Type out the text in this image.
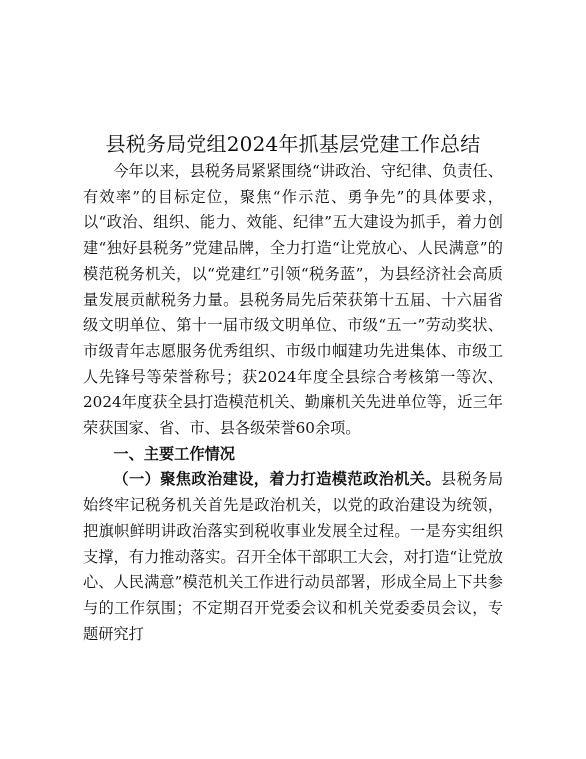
县税务局党组2024年抓基层党建工作总结

今年以来，县税务局紧紧围绕“讲政治、守纪律、负责任、有效率”的目标定位，聚焦“作示范、勇争先”的具体要求，以“政治、组织、能力、效能、纪律”五大建设为抓手，着力创建“独好县税务”党建品牌，全力打造“让党放心、人民满意”的模范税务机关，以“党建红”引领“税务蓝”，为县经济社会高质量发展贡献税务力量。县税务局先后荣获第十五届、十六届省级文明单位、第十一届市级文明单位、市级“五一”劳动奖状、市级青年志愿服务优秀组织、市级巾帼建功先进集体、市级工人先锋号等荣誉称号；获2024年度全县综合考核第一等次、2024年度获全县打造模范机关、勤廉机关先进单位等，近三年荣获国家、省、市、县各级荣誉60余项。

一、主要工作情况

（一）聚焦政治建设，着力打造模范政治机关。县税务局始终牢记税务机关首先是政治机关，以党的政治建设为统领，把旗帜鲜明讲政治落实到税收事业发展全过程。一是夯实组织支撑，有力推动落实。召开全体干部职工大会，对打造“让党放心、人民满意”模范机关工作进行动员部署，形成全局上下共参与的工作氛围；不定期召开党委会议和机关党委委员会议，专题研究打
